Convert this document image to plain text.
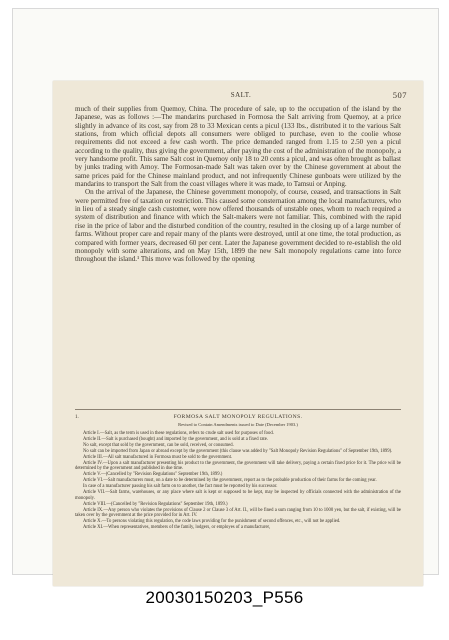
SALT.	507

much of their supplies from Quemoy, China. The procedure of sale, up to the occupation of the island by the Japanese, was as follows :—The mandarins purchased in Formosa the Salt arriving from Quemoy, at a price slightly in advance of its cost, say from 28 to 33 Mexican cents a picul (133 lbs., distributed it to the various Salt stations, from which official depots all consumers were obliged to purchase, even to the coolie whose requirements did not exceed a few cash worth. The price demanded ranged from 1.15 to 2.50 yen a picul according to the quality, thus giving the government, after paying the cost of the administration of the monopoly, a very handsome profit. This same Salt cost in Quemoy only 18 to 20 cents a picul, and was often brought as ballast by junks trading with Amoy. The Formosan-made Salt was taken over by the Chinese government at about the same prices paid for the Chinese mainland product, and not infrequently Chinese gunboats were utilized by the mandarins to transport the Salt from the coast villages where it was made, to Tamsui or Anping.

On the arrival of the Japanese, the Chinese government monopoly, of course, ceased, and transactions in Salt were permitted free of taxation or restriction. This caused some consternation among the local manufacturers, who in lieu of a steady single cash customer, were now offered thousands of unstable ones, whom to reach required a system of distribution and finance with which the Salt-makers were not familiar. This, combined with the rapid rise in the price of labor and the disturbed condition of the country, resulted in the closing up of a large number of farms. Without proper care and repair many of the plants were destroyed, until at one time, the total production, as compared with former years, decreased 60 per cent. Later the Japanese government decided to re-establish the old monopoly with some alterations, and on May 15th, 1899 the new Salt monopoly regulations came into force throughout the island.¹ This move was followed by the opening

1.	FORMOSA SALT MONOPOLY REGULATIONS.
Revised to Contain Amendments issued to Date (December 1903.)

Article I.—Salt, as the term is used in these regulations, refers to crude salt used for purposes of food.

Article II.—Salt is purchased (bought) and imported by the government, and is sold at a fixed rate.

No salt, except that sold by the government, can be sold, received, or consumed.

No salt can be imported from Japan or abroad except by the government (this clause was added by "Salt Monopoly Revision Regulations" of September 19th, 1899).

Article III.—All salt manufactured in Formosa must be sold to the government.

Article IV.—Upon a salt manufacturer presenting his product to the government, the government will take delivery, paying a certain fixed price for it. The price will be determined by the government and published in due time.

Article V.—(Cancelled by "Revision Regulations" September 19th, 1899.)

Article VI.—Salt manufacturers must, on a date to be determined by the government, report as to the probable production of their farms for the coming year.

In case of a manufacturer passing his salt farm on to another, the fact must be reported by his successor.

Article VII.—Salt farms, warehouses, or any place where salt is kept or supposed to be kept, may be inspected by officials connected with the administration of the monopoly.

Article VIII.—(Cancelled by "Revision Regulations" September 19th, 1899.)

Article IX.—Any person who violates the provisions of Clause 2 or Clause 3 of Art. II., will be fined a sum ranging from 10 to 1000 yen, but the salt, if existing, will be taken over by the government at the price provided for in Art. IV.

Article X.—To persons violating this regulation, the code laws providing for the punishment of second offences, etc., will not be applied.

Article XI.—When representatives, members of the family, lodgers, or employes of a manufacturer,

20030150203_P556
